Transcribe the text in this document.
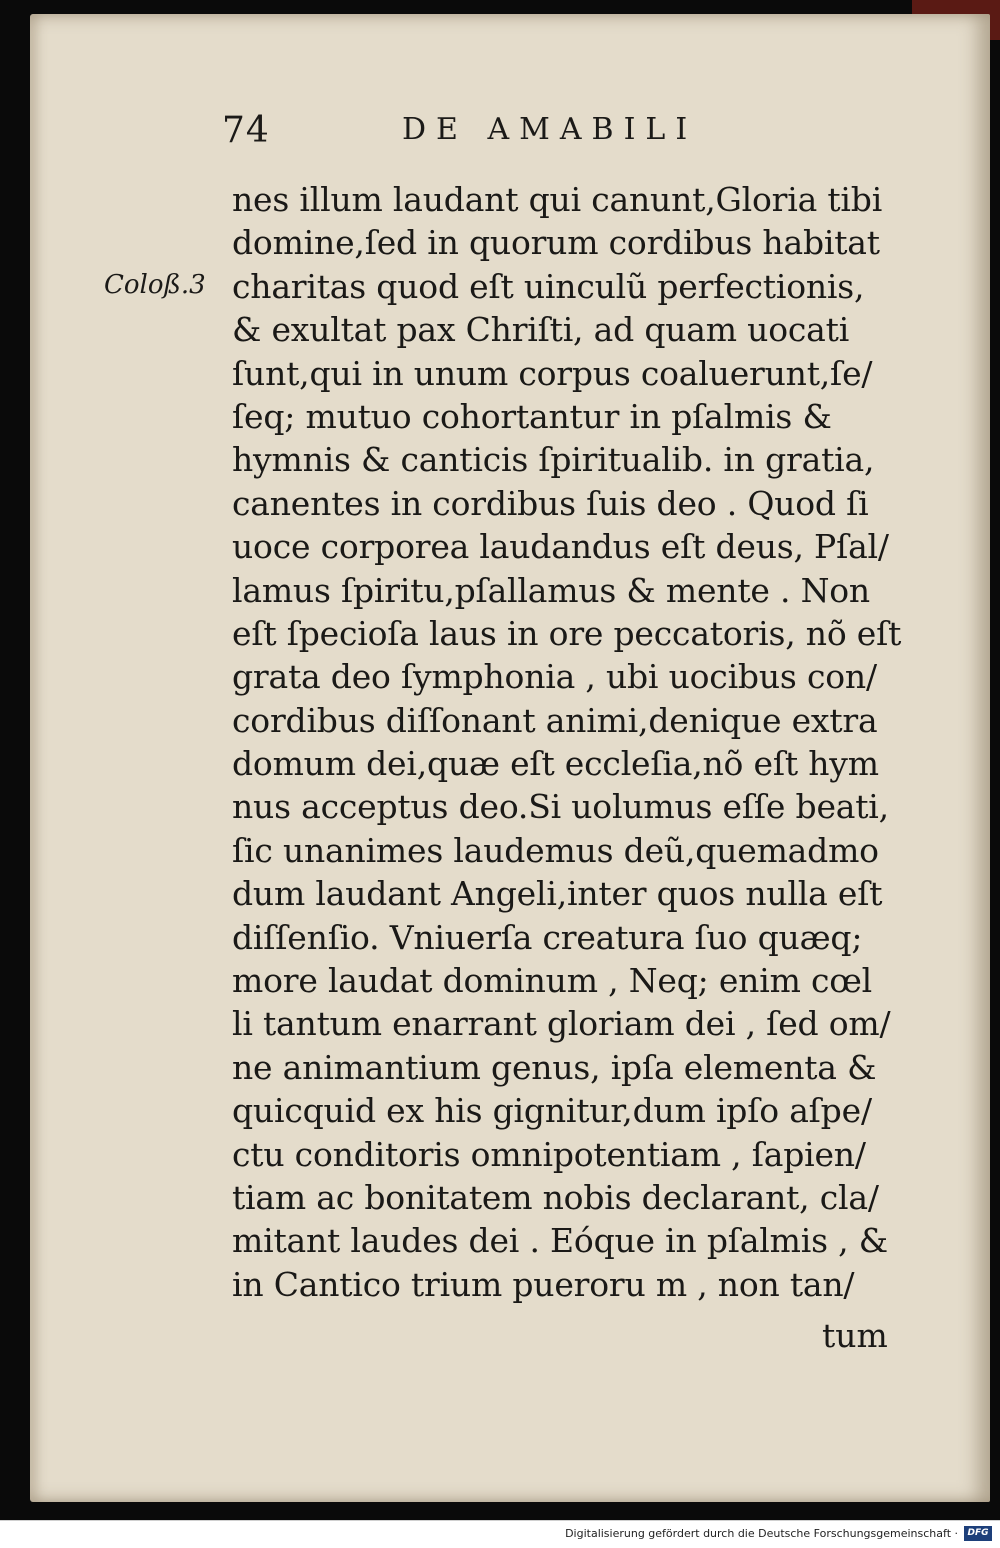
74	DE AMABILI
Coloß.3
nes illum laudant qui canunt,Gloria tibi
domine,ſed in quorum cordibus habitat
charitas quod eſt uinculũ perfectionis,
& exultat pax Chriſti, ad quam uocati
ſunt,qui in unum corpus coaluerunt,ſe/
ſeq; mutuo cohortantur in pſalmis &
hymnis & canticis ſpiritualib. in gratia,
canentes in cordibus ſuis deo . Quod ſi
uoce corporea laudandus eſt deus, Pſal/
lamus ſpiritu,pſallamus & mente . Non
eſt ſpecioſa laus in ore peccatoris, nõ eſt
grata deo ſymphonia , ubi uocibus con/
cordibus diſſonant animi,denique extra
domum dei,quæ eſt eccleſia,nõ eſt hym
nus acceptus deo.Si uolumus eſſe beati,
ſic unanimes laudemus deũ,quemadmo
dum laudant Angeli,inter quos nulla eſt
diſſenſio. Vniuerſa creatura ſuo quæq;
more laudat dominum , Neq; enim cœl
li tantum enarrant gloriam dei , ſed om/
ne animantium genus, ipſa elementa &
quicquid ex his gignitur,dum ipſo aſpe/
ctu conditoris omnipotentiam , ſapien/
tiam ac bonitatem nobis declarant, cla/
mitant laudes dei . Eóque in pſalmis , &
in Cantico trium pueroru m , non tan/
tum
Digitalisierung gefördert durch die Deutsche Forschungsgemeinschaft ·	DFG
